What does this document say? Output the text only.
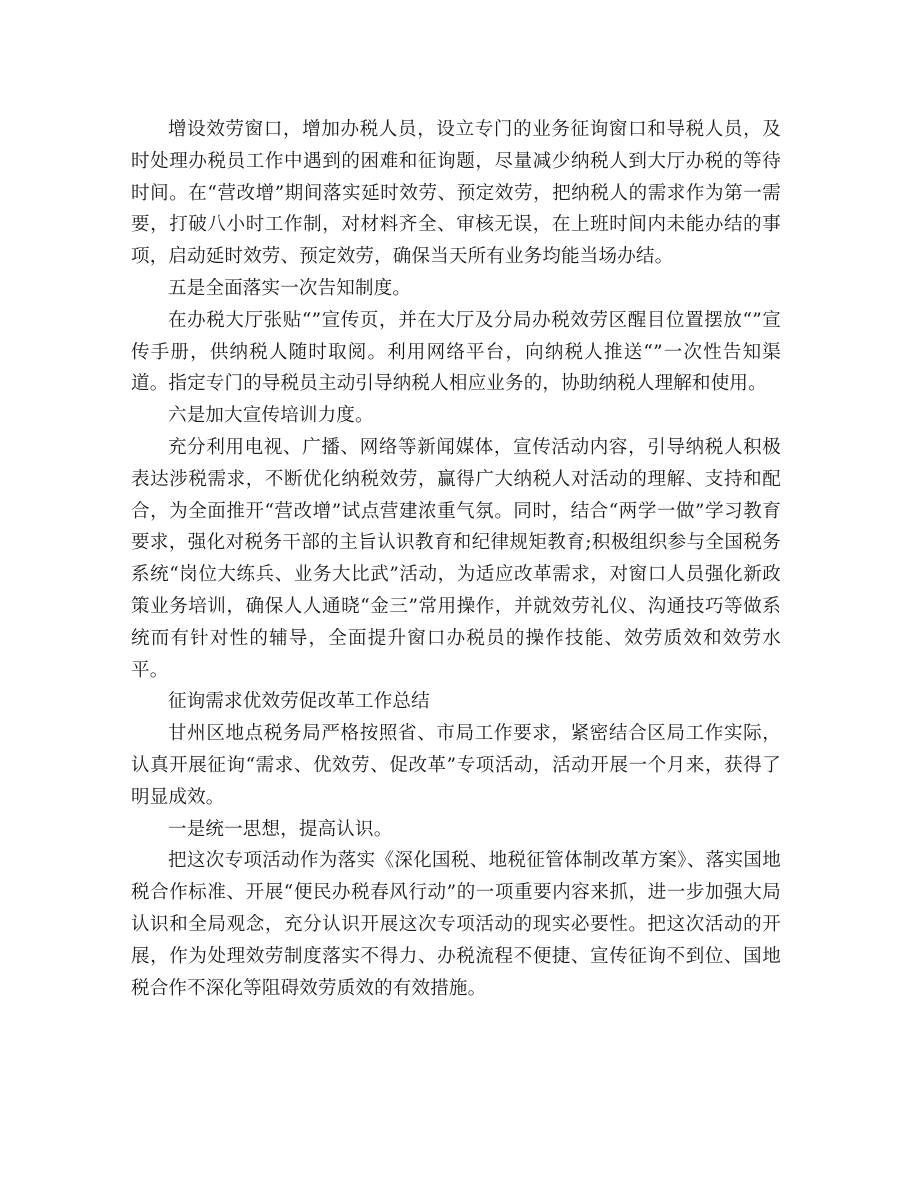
增设效劳窗口，增加办税人员，设立专门的业务征询窗口和导税人员，及时处理办税员工作中遇到的困难和征询题，尽量减少纳税人到大厅办税的等待时间。在“营改增”期间落实延时效劳、预定效劳，把纳税人的需求作为第一需要，打破八小时工作制，对材料齐全、审核无误，在上班时间内未能办结的事项，启动延时效劳、预定效劳，确保当天所有业务均能当场办结。

五是全面落实一次告知制度。

在办税大厅张贴“”宣传页，并在大厅及分局办税效劳区醒目位置摆放“”宣传手册，供纳税人随时取阅。利用网络平台，向纳税人推送“”一次性告知渠道。指定专门的导税员主动引导纳税人相应业务的，协助纳税人理解和使用。

六是加大宣传培训力度。

充分利用电视、广播、网络等新闻媒体，宣传活动内容，引导纳税人积极表达涉税需求，不断优化纳税效劳，赢得广大纳税人对活动的理解、支持和配合，为全面推开“营改增”试点营建浓重气氛。同时，结合“两学一做”学习教育要求，强化对税务干部的主旨认识教育和纪律规矩教育;积极组织参与全国税务系统“岗位大练兵、业务大比武”活动，为适应改革需求，对窗口人员强化新政策业务培训，确保人人通晓“金三”常用操作，并就效劳礼仪、沟通技巧等做系统而有针对性的辅导，全面提升窗口办税员的操作技能、效劳质效和效劳水平。

征询需求优效劳促改革工作总结

甘州区地点税务局严格按照省、市局工作要求，紧密结合区局工作实际，认真开展征询“需求、优效劳、促改革”专项活动，活动开展一个月来，获得了明显成效。

一是统一思想，提高认识。

把这次专项活动作为落实《深化国税、地税征管体制改革方案》、落实国地税合作标准、开展“便民办税春风行动”的一项重要内容来抓，进一步加强大局认识和全局观念，充分认识开展这次专项活动的现实必要性。把这次活动的开展，作为处理效劳制度落实不得力、办税流程不便捷、宣传征询不到位、国地税合作不深化等阻碍效劳质效的有效措施。
